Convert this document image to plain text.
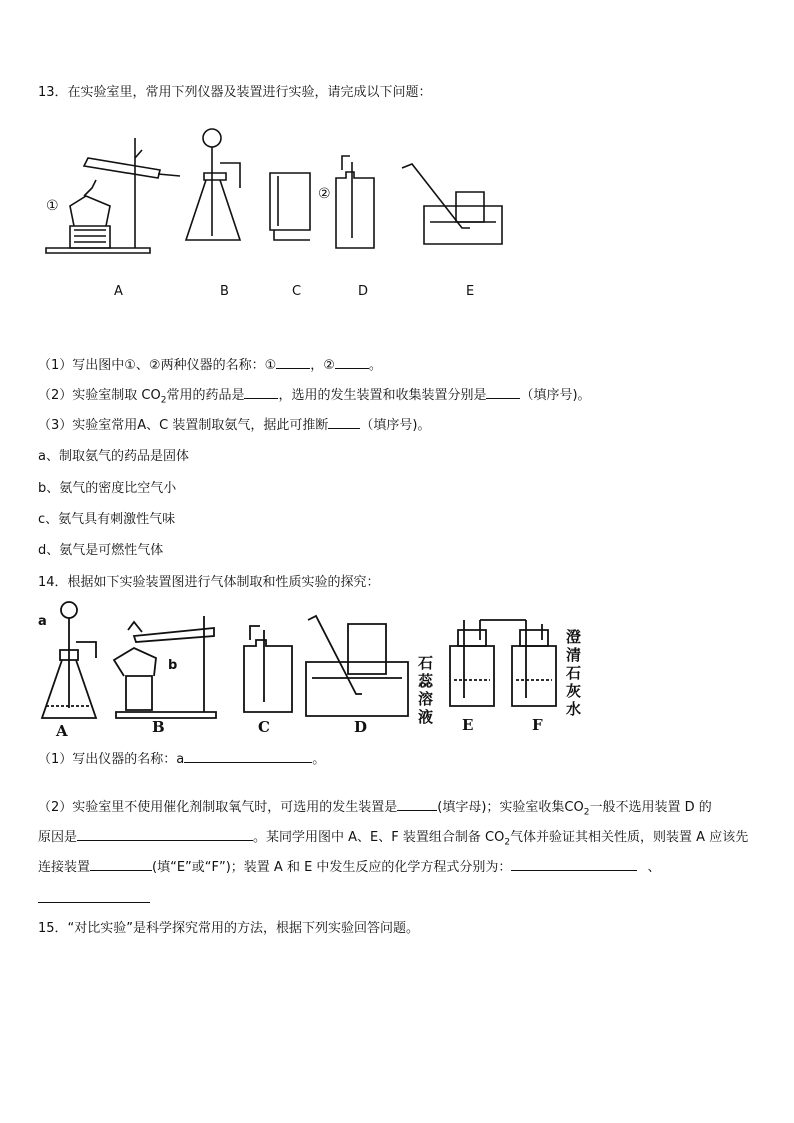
13．在实验室里，常用下列仪器及装置进行实验，请完成以下问题：
①
②
A	B	C	D	E
（1）写出图中①、②两种仪器的名称：①	，②	。
（2）实验室制取 $CO_2$常用的药品是	，选用的发生装置和收集装置分别是	（填序号)。
（3）实验室常用A、C 装置制取氨气，据此可推断 （填序号)。
a、制取氨气的药品是固体
b、氨气的密度比空气小
c、氨气具有刺激性气味
d、氨气是可燃性气体
14．根据如下实验装置图进行气体制取和性质实验的探究：
a
b
A	B	C	D	E	F
石
蕊
溶
液
澄
清
石
灰
水
（1）写出仪器的名称：a	。
（2）实验室里不使用催化剂制取氧气时，可选用的发生装置是	(填字母)；实验室收集$CO_2$一般不选用装置 D 的
原因是	。某同学用图中 A、E、F 装置组合制备 $CO_2$气体并验证其相关性质，则装置 A 应该先
连接装置	(填“E”或“F”)；装置 A 和 E 中发生反应的化学方程式分别为：	、
15．“对比实验”是科学探究常用的方法，根据下列实验回答问题。
